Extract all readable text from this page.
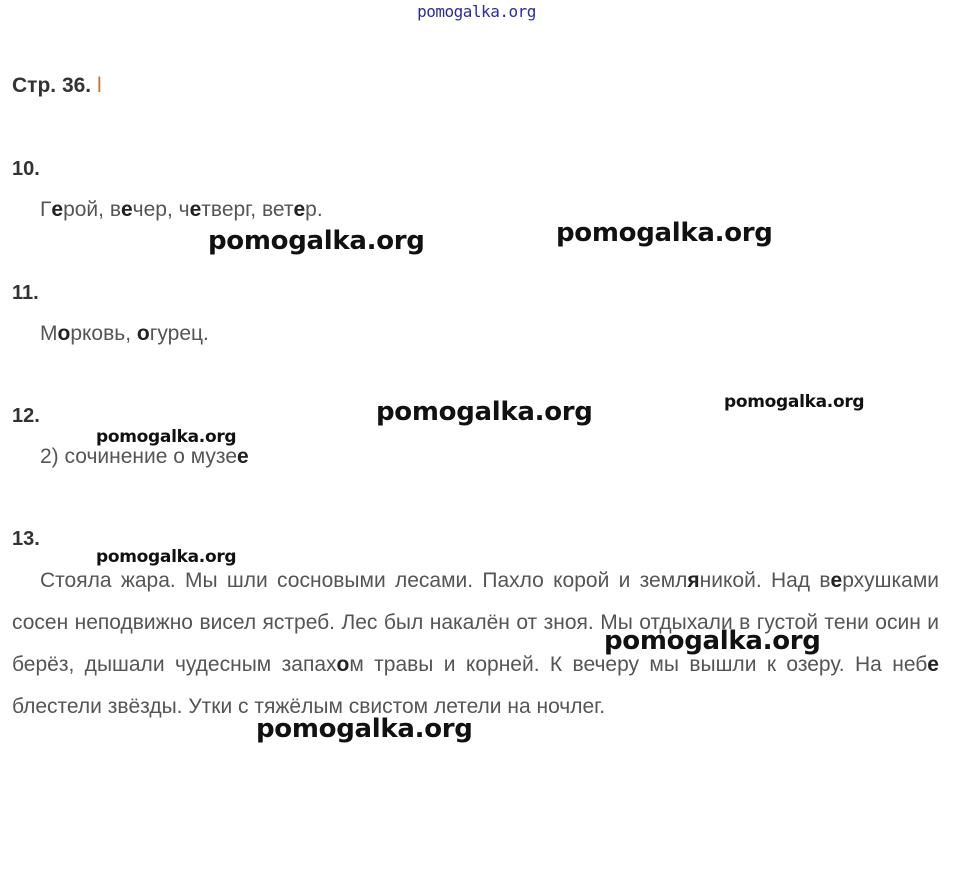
pomogalka.org
Стр. 36. l
10.
Герой, вечер, четверг, ветер.
11.
Морковь, огурец.
12.
2) сочинение о музее
13.

Стояла жара. Мы шли сосновыми лесами. Пахло корой и земляникой. Над верхушками сосен неподвижно висел ястреб. Лес был накалён от зноя. Мы отдыхали в густой тени осин и берёз, дышали чудесным запахом травы и корней. К вечеру мы вышли к озеру. На небе блестели звёзды. Утки с тяжёлым свистом летели на ночлег.

pomogalka.org	pomogalka.org
pomogalka.org	pomogalka.org
pomogalka.org
pomogalka.org
pomogalka.org
pomogalka.org
